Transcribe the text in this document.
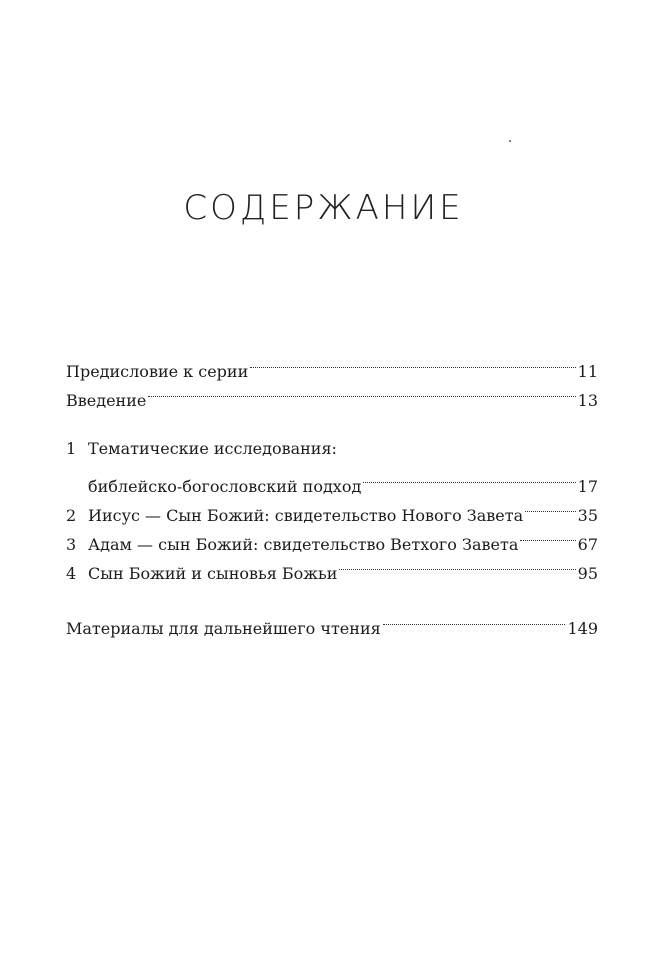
СОДЕРЖАНИЕ
Предисловие к серии	11
Введение	13
1 Тематические исследования:
библейско-богословский подход	17
2 Иисус — Сын Божий: свидетельство Нового Завета	35
3 Адам — сын Божий: свидетельство Ветхого Завета	67
4 Сын Божий и сыновья Божьи	95
Материалы для дальнейшего чтения	149
